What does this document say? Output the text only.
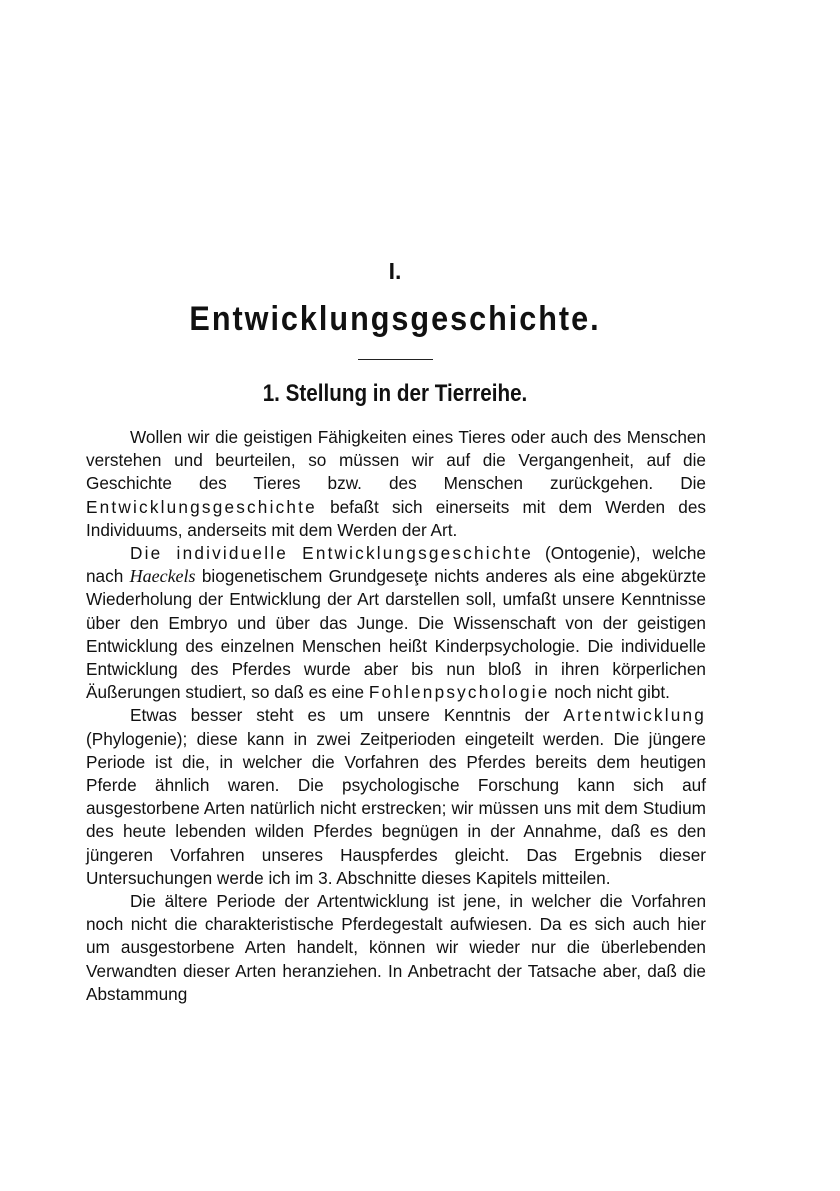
I.
Entwicklungsgeschichte.
1. Stellung in der Tierreihe.

Wollen wir die geistigen Fähigkeiten eines Tieres oder auch des Menschen verstehen und beurteilen, so müssen wir auf die Vergangenheit, auf die Geschichte des Tieres bzw. des Menschen zurückgehen. Die Entwicklungsgeschichte befaßt sich einerseits mit dem Werden des Individuums, anderseits mit dem Werden der Art.

Die individuelle Entwicklungsgeschichte (Ontogenie), welche nach Haeckels biogenetischem Grundgeseţe nichts anderes als eine abgekürzte Wiederholung der Entwicklung der Art darstellen soll, umfaßt unsere Kenntnisse über den Embryo und über das Junge. Die Wissenschaft von der geistigen Entwicklung des einzelnen Menschen heißt Kinderpsychologie. Die individuelle Entwicklung des Pferdes wurde aber bis nun bloß in ihren körperlichen Äußerungen studiert, so daß es eine Fohlenpsychologie noch nicht gibt.

Etwas besser steht es um unsere Kenntnis der Artentwicklung (Phylogenie); diese kann in zwei Zeitperioden eingeteilt werden. Die jüngere Periode ist die, in welcher die Vorfahren des Pferdes bereits dem heutigen Pferde ähnlich waren. Die psychologische Forschung kann sich auf ausgestorbene Arten natürlich nicht erstrecken; wir müssen uns mit dem Studium des heute lebenden wilden Pferdes begnügen in der Annahme, daß es den jüngeren Vorfahren unseres Hauspferdes gleicht. Das Ergebnis dieser Untersuchungen werde ich im 3. Abschnitte dieses Kapitels mitteilen.

Die ältere Periode der Artentwicklung ist jene, in welcher die Vorfahren noch nicht die charakteristische Pferdegestalt aufwiesen. Da es sich auch hier um ausgestorbene Arten handelt, können wir wieder nur die überlebenden Verwandten dieser Arten heranziehen. In Anbetracht der Tatsache aber, daß die Abstammung
